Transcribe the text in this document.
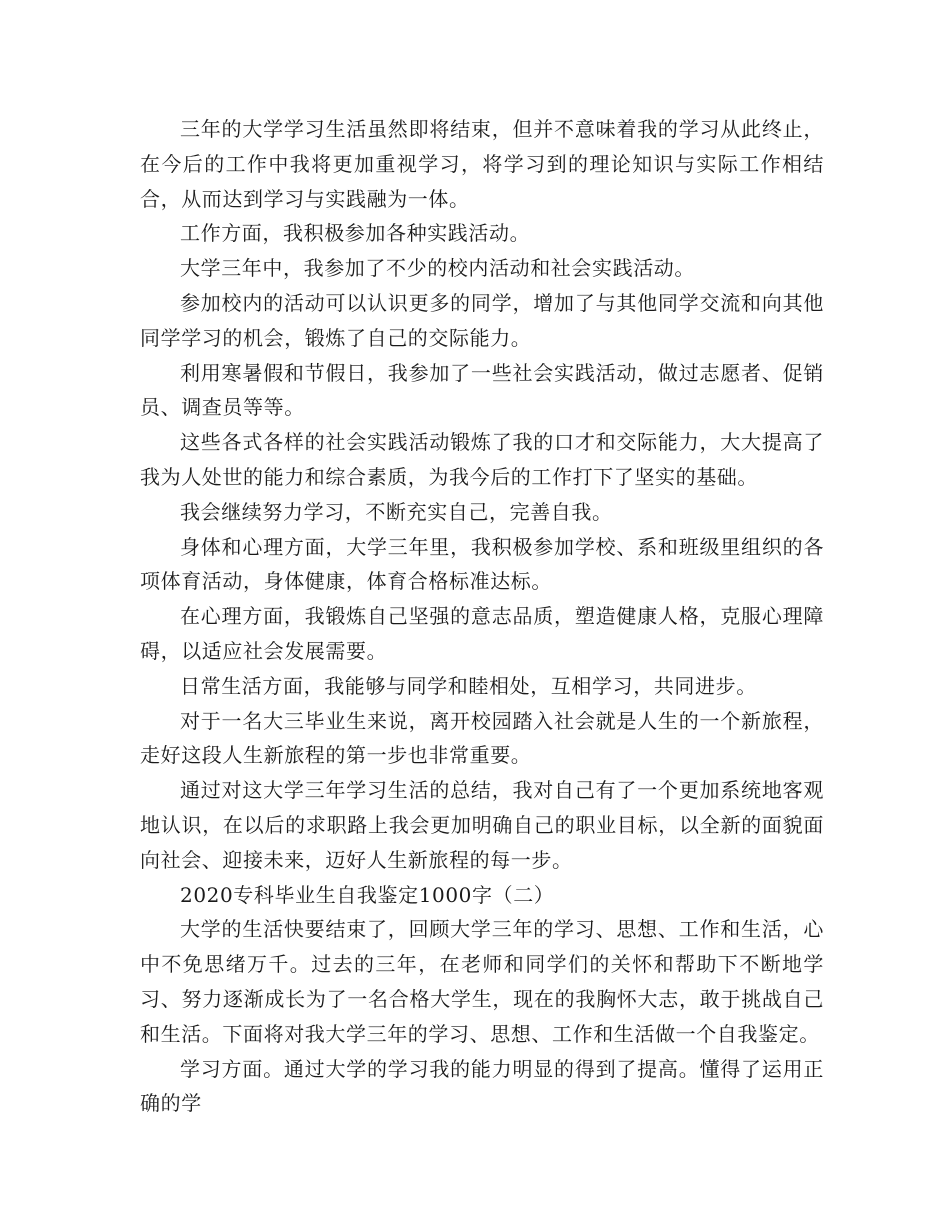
三年的大学学习生活虽然即将结束，但并不意味着我的学习从此终止，在今后的工作中我将更加重视学习，将学习到的理论知识与实际工作相结合，从而达到学习与实践融为一体。

工作方面，我积极参加各种实践活动。

大学三年中，我参加了不少的校内活动和社会实践活动。

参加校内的活动可以认识更多的同学，增加了与其他同学交流和向其他同学学习的机会，锻炼了自己的交际能力。

利用寒暑假和节假日，我参加了一些社会实践活动，做过志愿者、促销员、调查员等等。

这些各式各样的社会实践活动锻炼了我的口才和交际能力，大大提高了我为人处世的能力和综合素质，为我今后的工作打下了坚实的基础。

我会继续努力学习，不断充实自己，完善自我。

身体和心理方面，大学三年里，我积极参加学校、系和班级里组织的各项体育活动，身体健康，体育合格标准达标。

在心理方面，我锻炼自己坚强的意志品质，塑造健康人格，克服心理障碍，以适应社会发展需要。

日常生活方面，我能够与同学和睦相处，互相学习，共同进步。

对于一名大三毕业生来说，离开校园踏入社会就是人生的一个新旅程，走好这段人生新旅程的第一步也非常重要。

通过对这大学三年学习生活的总结，我对自己有了一个更加系统地客观地认识，在以后的求职路上我会更加明确自己的职业目标，以全新的面貌面向社会、迎接未来，迈好人生新旅程的每一步。

2020专科毕业生自我鉴定1000字（二）

大学的生活快要结束了，回顾大学三年的学习、思想、工作和生活，心中不免思绪万千。过去的三年，在老师和同学们的关怀和帮助下不断地学习、努力逐渐成长为了一名合格大学生，现在的我胸怀大志，敢于挑战自己和生活。下面将对我大学三年的学习、思想、工作和生活做一个自我鉴定。

学习方面。通过大学的学习我的能力明显的得到了提高。懂得了运用正确的学
